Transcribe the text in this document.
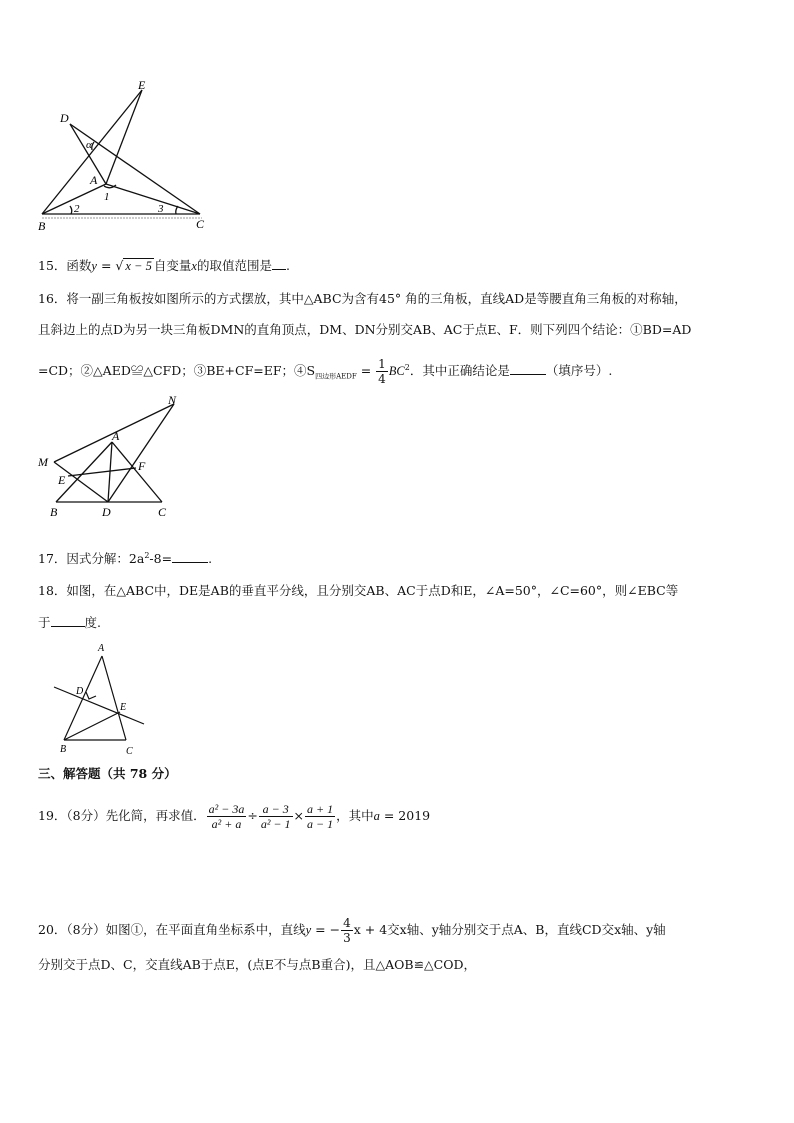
E
D
α
A
1
2	3
B	C
15．函数y = √ x − 5 自变量x的取值范围是 .
16．将一副三角板按如图所示的方式摆放，其中△ABC为含有45° 角的三角板，直线AD是等腰直角三角板的对称轴，
且斜边上的点D为另一块三角板DMN的直角顶点，DM、DN分别交AB、AC于点E、F．则下列四个结论：①BD=AD
=CD；②△AED≌△CFD；③BE+CF=EF；$④S_{四边形AEDF} = \frac{1}{4} BC^2$．其中正确结论是	（填序号）.
N
A
M	F
E
B	D	C
17．因式分解：$2a^2-8=$	.
18．如图，在△ABC中，DE是AB的垂直平分线，且分别交AB、AC于点D和E，∠A=50°，∠C=60°，则∠EBC等
于	度.
A
D
E
B	C
三、解答题（共 78 分）
19．（8分）先化简，再求值． $\frac{\text{a² − 3a}}{\text{a² + a}} \div \frac{a - 3}{\text{a² − 1}} \times \frac{a + 1}{a - 1}$ ，其中a = 2019
20．（8分）如图①，在平面直角坐标系中，直线y = − $\frac{4}{3}$ x + 4交x轴、y轴分别交于点A、B，直线CD交x轴、y轴
分别交于点D、C，交直线AB于点E，(点E不与点B重合)，且△AOB≌△COD，
